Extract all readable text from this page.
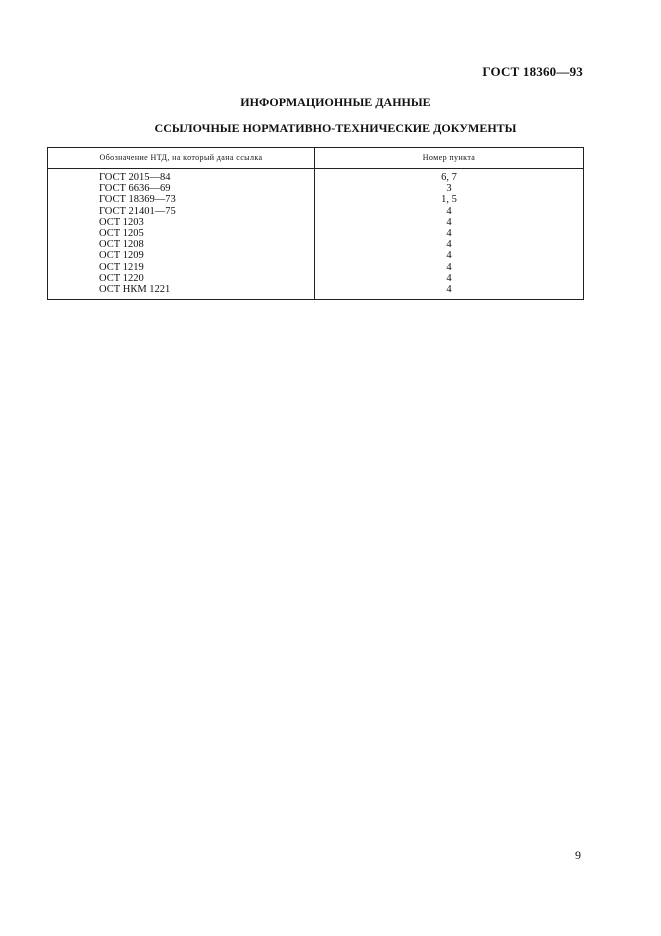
ГОСТ 18360—93
ИНФОРМАЦИОННЫЕ ДАННЫЕ
ССЫЛОЧНЫЕ НОРМАТИВНО-ТЕХНИЧЕСКИЕ ДОКУМЕНТЫ
Обозначение НТД, на который дана ссылка	Номер пункта
ГОСТ 2015—84	6, 7
ГОСТ 6636—69	3
ГОСТ 18369—73	1, 5
ГОСТ 21401—75	4
ОСТ 1203	4
ОСТ 1205	4
ОСТ 1208	4
ОСТ 1209	4
ОСТ 1219	4
ОСТ 1220	4
ОСТ НКМ 1221	4
9
